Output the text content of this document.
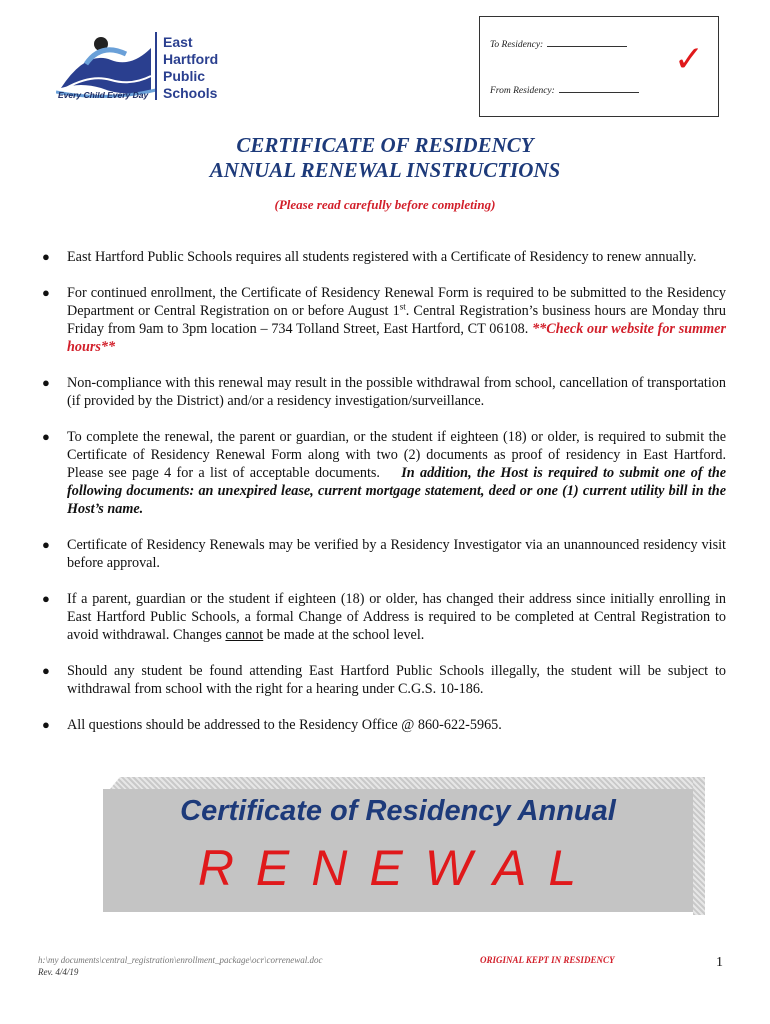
East
Hartford
Public
Schools
Every Child Every Day
To Residency:
From Residency:
✓
CERTIFICATE OF RESIDENCY
ANNUAL RENEWAL INSTRUCTIONS
(Please read carefully before completing)
● East Hartford Public Schools requires all students registered with a Certificate of Residency to renew annually.
● For continued enrollment, the Certificate of Residency Renewal Form is required to be submitted to the Residency Department or Central Registration on or before August 1st. Central Registration’s business hours are Monday thru Friday from 9am to 3pm location – 734 Tolland Street, East Hartford, CT 06108. **Check our website for summer hours**
● Non-compliance with this renewal may result in the possible withdrawal from school, cancellation of transportation (if provided by the District) and/or a residency investigation/surveillance.
● To complete the renewal, the parent or guardian, or the student if eighteen (18) or older, is required to submit the Certificate of Residency Renewal Form along with two (2) documents as proof of residency in East Hartford. Please see page 4 for a list of acceptable documents. In addition, the Host is required to submit one of the following documents: an unexpired lease, current mortgage statement, deed or one (1) current utility bill in the Host’s name.
● Certificate of Residency Renewals may be verified by a Residency Investigator via an unannounced residency visit before approval.
● If a parent, guardian or the student if eighteen (18) or older, has changed their address since initially enrolling in East Hartford Public Schools, a formal Change of Address is required to be completed at Central Registration to avoid withdrawal. Changes cannot be made at the school level.
● Should any student be found attending East Hartford Public Schools illegally, the student will be subject to withdrawal from school with the right for a hearing under C.G.S. 10-186.
● All questions should be addressed to the Residency Office @ 860-622-5965.
Certificate of Residency Annual
RENEWAL
h:\my documents\central_registration\enrollment_package\ocr\correnewal.doc
Rev. 4/4/19
ORIGINAL KEPT IN RESIDENCY	1
